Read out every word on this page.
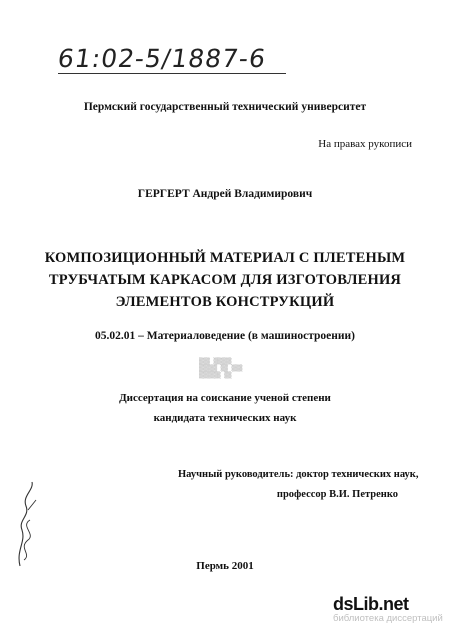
61:02-5/1887-6
Пермский государственный технический университет
На правах рукописи
ГЕРГЕРТ Андрей Владимирович
КОМПОЗИЦИОННЫЙ МАТЕРИАЛ С ПЛЕТЕНЫМ
ТРУБЧАТЫМ КАРКАСОМ ДЛЯ ИЗГОТОВЛЕНИЯ
ЭЛЕМЕНТОВ КОНСТРУКЦИЙ
05.02.01 – Материаловедение (в машиностроении)
▒▒▒ ▒▒▒▒▒
▒▒▒▒▒ ▒▒ ▒▒▒
▒▒▒▒▒▒ ▒▒
Диссертация на соискание ученой степени
кандидата технических наук
Научный руководитель: доктор технических наук,
профессор В.И. Петренко
Пермь 2001
dsLib.net
библиотека диссертаций
